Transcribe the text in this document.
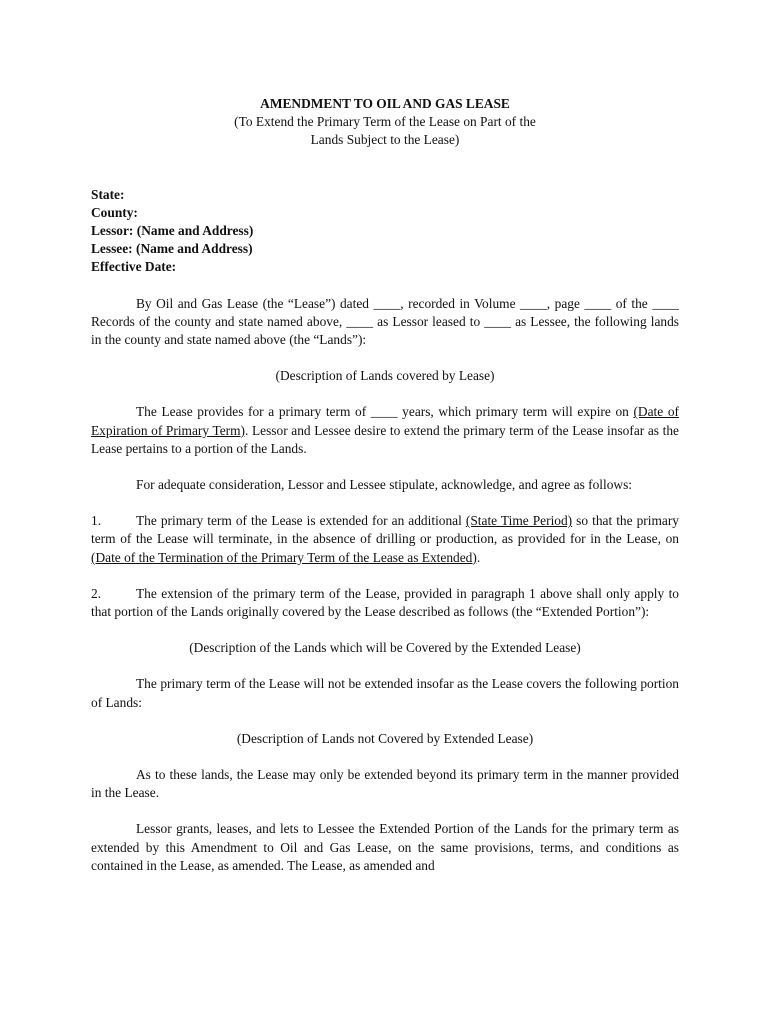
AMENDMENT TO OIL AND GAS LEASE
(To Extend the Primary Term of the Lease on Part of the
Lands Subject to the Lease)
State:
County:
Lessor: (Name and Address)
Lessee: (Name and Address)
Effective Date:

By Oil and Gas Lease (the “Lease”) dated ____, recorded in Volume ____, page ____ of the ____ Records of the county and state named above, ____ as Lessor leased to ____ as Lessee, the following lands in the county and state named above (the “Lands”):

(Description of Lands covered by Lease)

The Lease provides for a primary term of ____ years, which primary term will expire on (Date of Expiration of Primary Term). Lessor and Lessee desire to extend the primary term of the Lease insofar as the Lease pertains to a portion of the Lands.

For adequate consideration, Lessor and Lessee stipulate, acknowledge, and agree as follows:

1.	The primary term of the Lease is extended for an additional (State Time Period) so that the primary term of the Lease will terminate, in the absence of drilling or production, as provided for in the Lease, on (Date of the Termination of the Primary Term of the Lease as Extended).

2.	The extension of the primary term of the Lease, provided in paragraph 1 above shall only apply to that portion of the Lands originally covered by the Lease described as follows (the “Extended Portion”):

(Description of the Lands which will be Covered by the Extended Lease)

The primary term of the Lease will not be extended insofar as the Lease covers the following portion of Lands:

(Description of Lands not Covered by Extended Lease)

As to these lands, the Lease may only be extended beyond its primary term in the manner provided in the Lease.

Lessor grants, leases, and lets to Lessee the Extended Portion of the Lands for the primary term as extended by this Amendment to Oil and Gas Lease, on the same provisions, terms, and conditions as contained in the Lease, as amended. The Lease, as amended and
